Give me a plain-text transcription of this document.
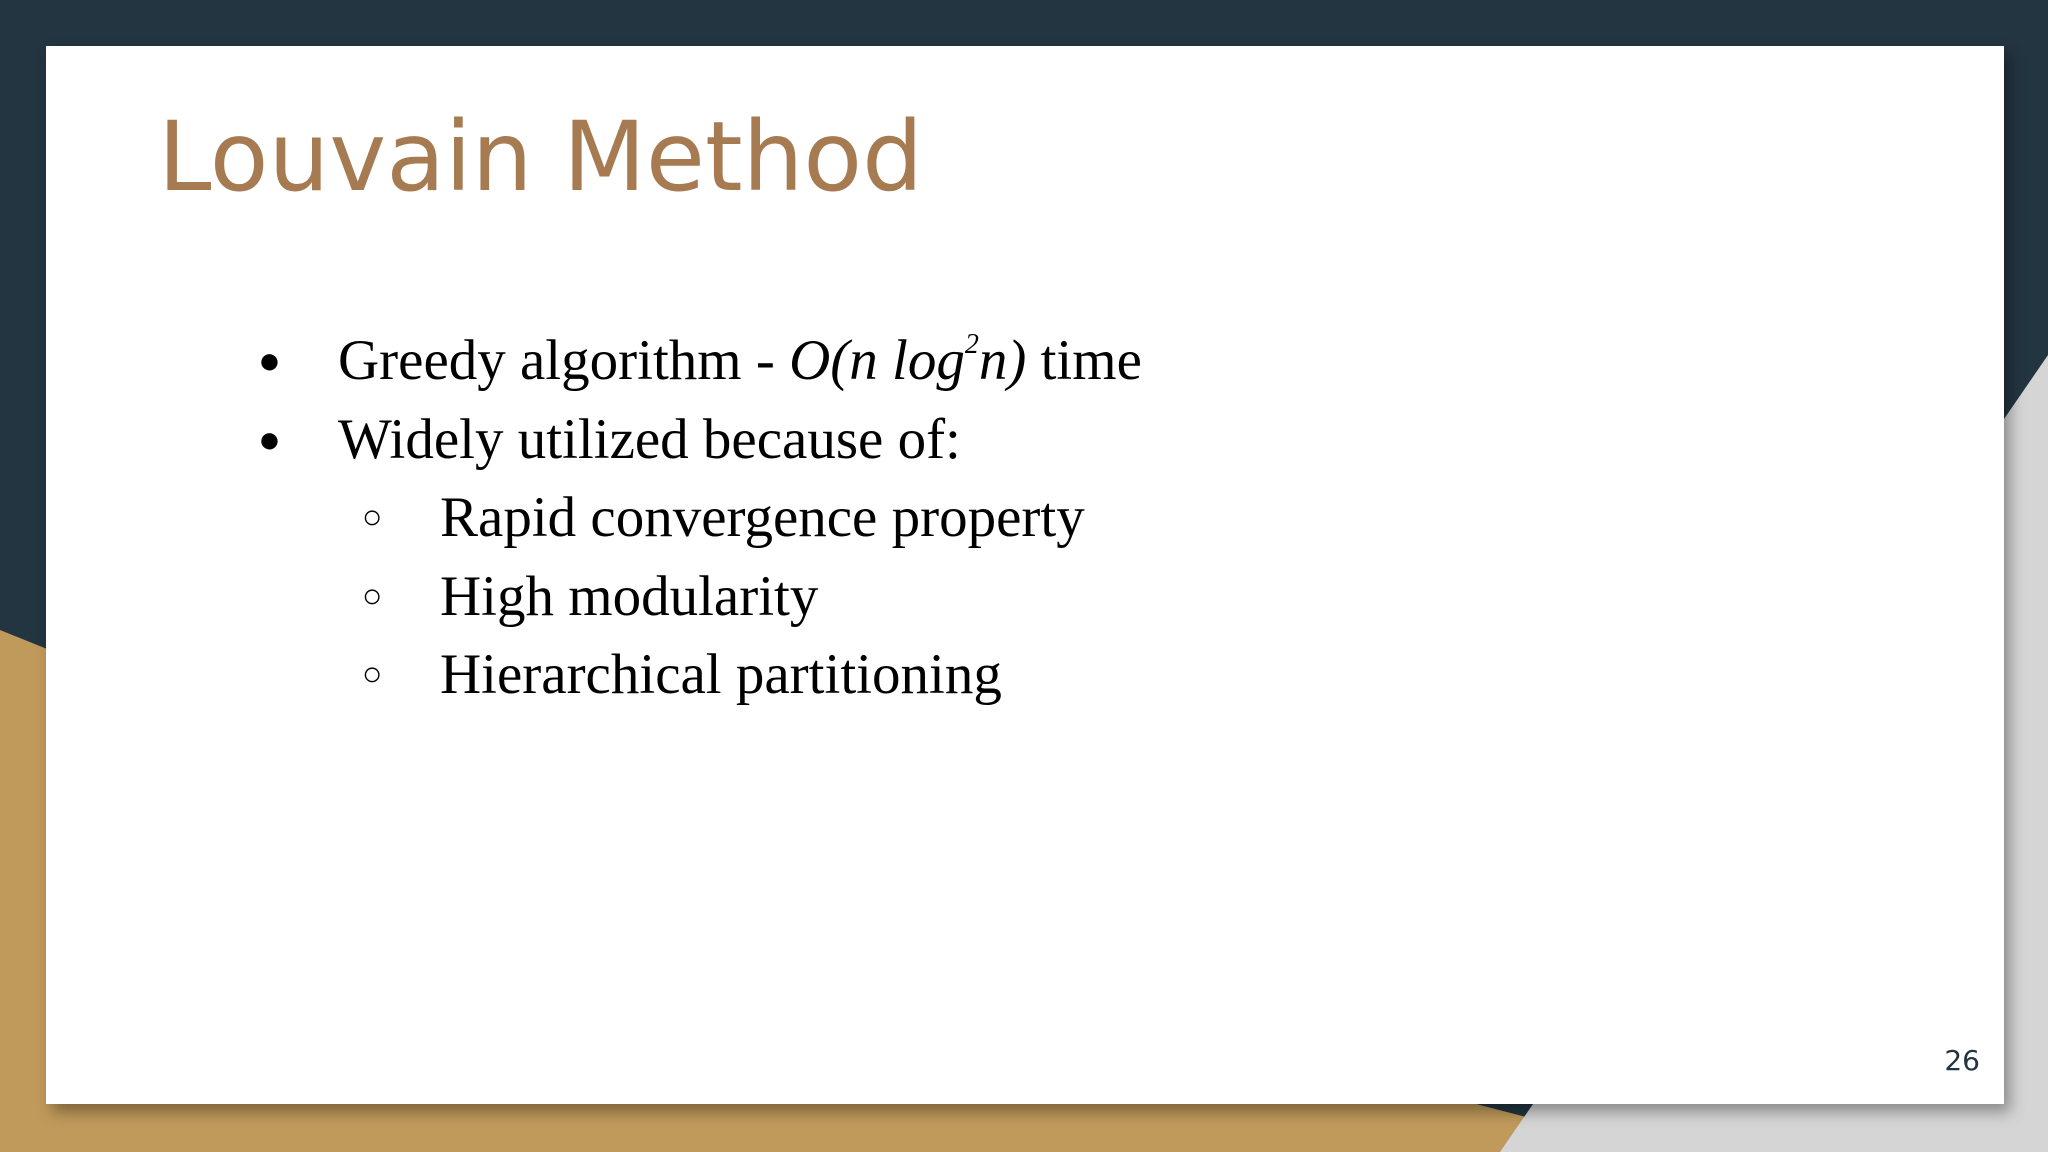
Louvain Method
● Greedy algorithm - O(n $\log^2n$) time
● Widely utilized because of:
○ Rapid convergence property
○ High modularity
○ Hierarchical partitioning
26
